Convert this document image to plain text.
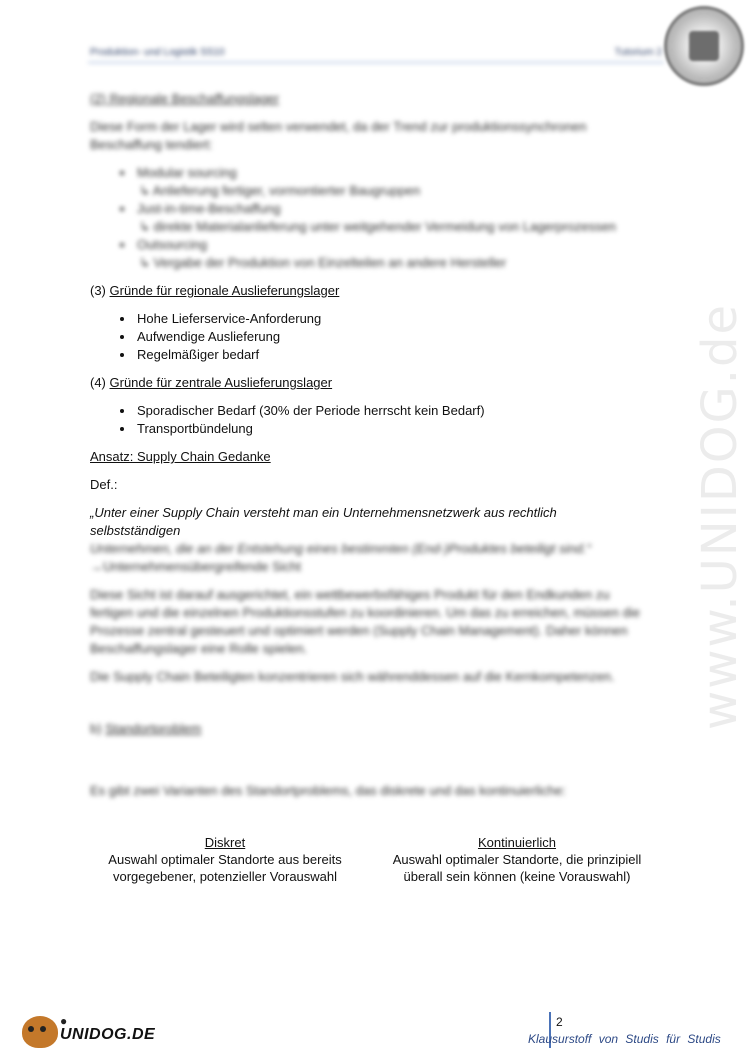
Produktion- und Logistik SS10	Tutorium 2
www.UNIDOG.de

(2) Regionale Beschaffungslager

Diese Form der Lager wird selten verwendet, da der Trend zur produktionssynchronen Beschaffung tendiert:

• Modular sourcing
↳ Anlieferung fertiger, vormontierter Baugruppen
• Just-in-time-Beschaffung
↳ direkte Materialanlieferung unter weitgehender Vermeidung von Lagerprozessen
• Outsourcing
↳ Vergabe der Produktion von Einzelteilen an andere Hersteller

(3) Gründe für regionale Auslieferungslager

• Hohe Lieferservice-Anforderung
• Aufwendige Auslieferung
• Regelmäßiger bedarf

(4) Gründe für zentrale Auslieferungslager

• Sporadischer Bedarf (30% der Periode herrscht kein Bedarf)
• Transportbündelung

Ansatz: Supply Chain Gedanke

Def.:

„Unter einer Supply Chain versteht man ein Unternehmensnetzwerk aus rechtlich selbstständigen
Unternehmen, die an der Entstehung eines bestimmten (End-)Produktes beteiligt sind.“
→Unternehmensübergreifende Sicht

Diese Sicht ist darauf ausgerichtet, ein wettbewerbsfähiges Produkt für den Endkunden zu fertigen und die einzelnen Produktionsstufen zu koordinieren. Um das zu erreichen, müssen die Prozesse zentral gesteuert und optimiert werden (Supply Chain Management). Daher können Beschaffungslager eine Rolle spielen.

Die Supply Chain Beteiligten konzentrieren sich währenddessen auf die Kernkompetenzen.

b) Standortproblem

Es gibt zwei Varianten des Standortproblems, das diskrete und das kontinuierliche:

Diskret
Auswahl optimaler Standorte aus bereits
vorgegebener, potenzieller Vorauswahl
Kontinuierlich
Auswahl optimaler Standorte, die prinzipiell
überall sein können (keine Vorauswahl)
●
UNIDOG.DE
2
Klausurstoff von Studis für Studis
